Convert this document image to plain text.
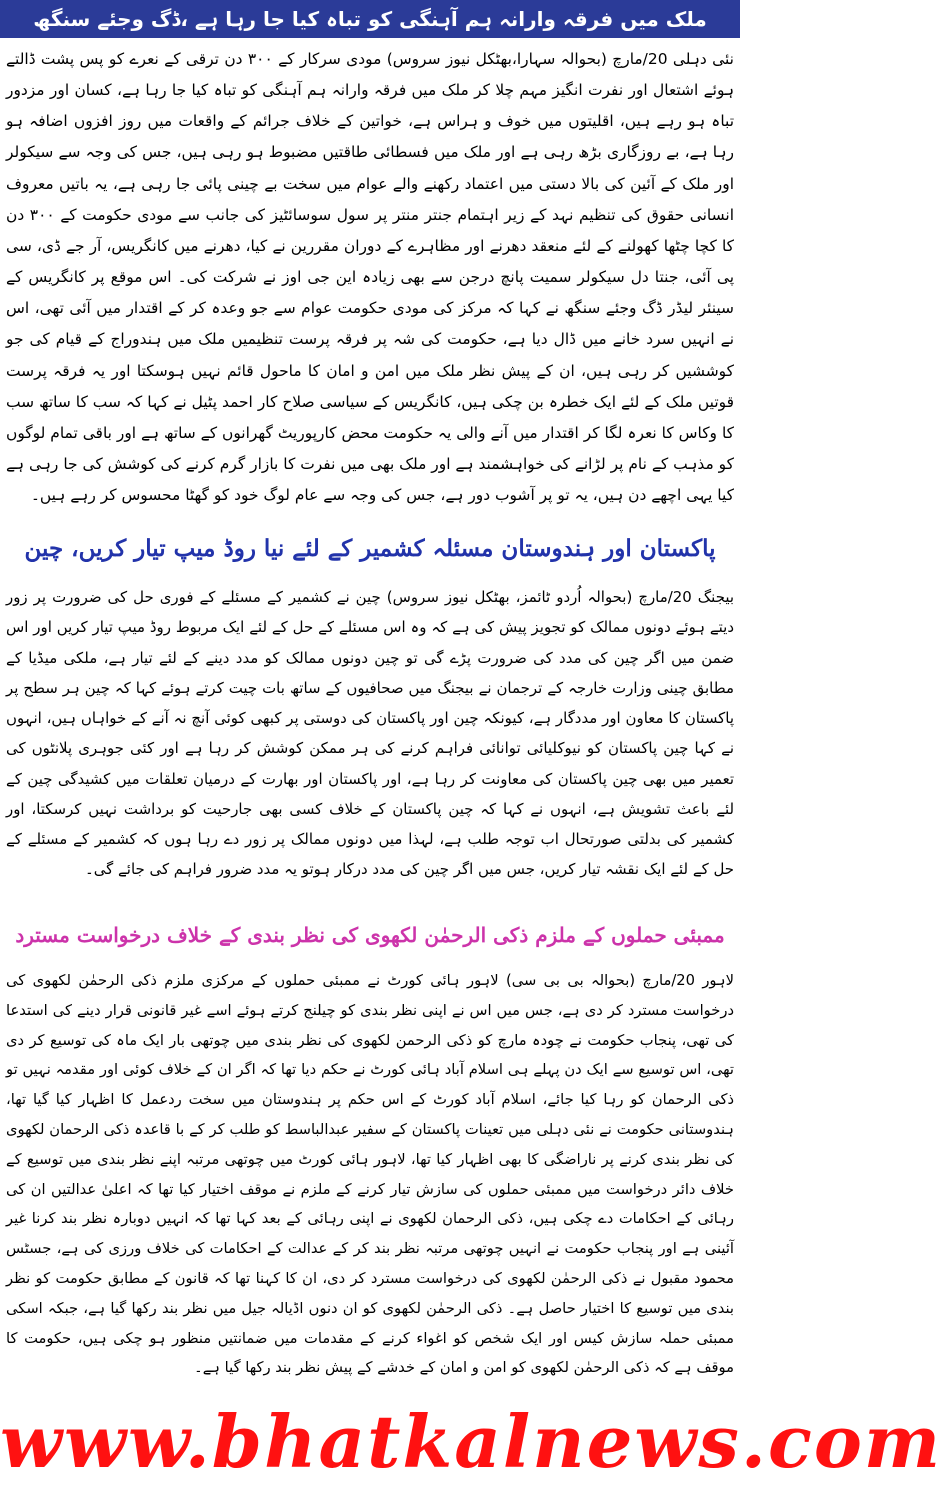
ملک میں فرقہ وارانہ ہم آہنگی کو تباہ کیا جا رہا ہے ،ڈگ وجئے سنگھ

نئی دہلی 20/مارچ (بحوالہ سہارا،بھٹکل نیوز سروس) مودی سرکار کے ۳۰۰ دن ترقی کے نعرے کو پس پشت ڈالتے ہوئے اشتعال اور نفرت انگیز مہم چلا کر ملک میں فرقہ وارانہ ہم آہنگی کو تباہ کیا جا رہا ہے، کسان اور مزدور تباہ ہو رہے ہیں، اقلیتوں میں خوف و ہراس ہے، خواتین کے خلاف جرائم کے واقعات میں روز افزوں اضافہ ہو رہا ہے، بے روزگاری بڑھ رہی ہے اور ملک میں فسطائی طاقتیں مضبوط ہو رہی ہیں، جس کی وجہ سے سیکولر اور ملک کے آئین کی بالا دستی میں اعتماد رکھنے والے عوام میں سخت بے چینی پائی جا رہی ہے، یہ باتیں معروف انسانی حقوق کی تنظیم نہد کے زیر اہتمام جنتر منتر پر سول سوسائٹیز کی جانب سے مودی حکومت کے ۳۰۰ دن کا کچا چٹھا کھولنے کے لئے منعقد دھرنے اور مظاہرے کے دوران مقررین نے کیا، دھرنے میں کانگریس، آر جے ڈی، سی پی آئی، جنتا دل سیکولر سمیت پانچ درجن سے بھی زیادہ این جی اوز نے شرکت کی۔ اس موقع پر کانگریس کے سینئر لیڈر ڈگ وجئے سنگھ نے کہا کہ مرکز کی مودی حکومت عوام سے جو وعدہ کر کے اقتدار میں آئی تھی، اس نے انہیں سرد خانے میں ڈال دیا ہے، حکومت کی شہ پر فرقہ پرست تنظیمیں ملک میں ہندوراج کے قیام کی جو کوششیں کر رہی ہیں، ان کے پیش نظر ملک میں امن و امان کا ماحول قائم نہیں ہوسکتا اور یہ فرقہ پرست قوتیں ملک کے لئے ایک خطرہ بن چکی ہیں، کانگریس کے سیاسی صلاح کار احمد پٹیل نے کہا کہ سب کا ساتھ سب کا وکاس کا نعرہ لگا کر اقتدار میں آنے والی یہ حکومت محض کارپوریٹ گھرانوں کے ساتھ ہے اور باقی تمام لوگوں کو مذہب کے نام پر لڑانے کی خواہشمند ہے اور ملک بھی میں نفرت کا بازار گرم کرنے کی کوشش کی جا رہی ہے کیا یہی اچھے دن ہیں، یہ تو پر آشوب دور ہے، جس کی وجہ سے عام لوگ خود کو گھٹا محسوس کر رہے ہیں۔

پاکستان اور ہندوستان مسئلہ کشمیر کے لئے نیا روڈ میپ تیار کریں، چین

بیجنگ 20/مارچ (بحوالہ اُردو ٹائمز، بھٹکل نیوز سروس) چین نے کشمیر کے مسئلے کے فوری حل کی ضرورت پر زور دیتے ہوئے دونوں ممالک کو تجویز پیش کی ہے کہ وہ اس مسئلے کے حل کے لئے ایک مربوط روڈ میپ تیار کریں اور اس ضمن میں اگر چین کی مدد کی ضرورت پڑے گی تو چین دونوں ممالک کو مدد دینے کے لئے تیار ہے، ملکی میڈیا کے مطابق چینی وزارت خارجہ کے ترجمان نے بیجنگ میں صحافیوں کے ساتھ بات چیت کرتے ہوئے کہا کہ چین ہر سطح پر پاکستان کا معاون اور مددگار ہے، کیونکہ چین اور پاکستان کی دوستی پر کبھی کوئی آنچ نہ آنے کے خواہاں ہیں، انہوں نے کہا چین پاکستان کو نیوکلیائی توانائی فراہم کرنے کی ہر ممکن کوشش کر رہا ہے اور کئی جوہری پلانٹوں کی تعمیر میں بھی چین پاکستان کی معاونت کر رہا ہے، اور پاکستان اور بھارت کے درمیان تعلقات میں کشیدگی چین کے لئے باعث تشویش ہے، انہوں نے کہا کہ چین پاکستان کے خلاف کسی بھی جارحیت کو برداشت نہیں کرسکتا، اور کشمیر کی بدلتی صورتحال اب توجہ طلب ہے، لہذا میں دونوں ممالک پر زور دے رہا ہوں کہ کشمیر کے مسئلے کے حل کے لئے ایک نقشہ تیار کریں، جس میں اگر چین کی مدد درکار ہوتو یہ مدد ضرور فراہم کی جائے گی۔

ممبئی حملوں کے ملزم ذکی الرحمٰن لکھوی کی نظر بندی کے خلاف درخواست مسترد

لاہور 20/مارچ (بحوالہ بی بی سی) لاہور ہائی کورٹ نے ممبئی حملوں کے مرکزی ملزم ذکی الرحمٰن لکھوی کی درخواست مسترد کر دی ہے، جس میں اس نے اپنی نظر بندی کو چیلنج کرتے ہوئے اسے غیر قانونی قرار دینے کی استدعا کی تھی، پنجاب حکومت نے چودہ مارچ کو ذکی الرحمن لکھوی کی نظر بندی میں چوتھی بار ایک ماہ کی توسیع کر دی تھی، اس توسیع سے ایک دن پہلے ہی اسلام آباد ہائی کورٹ نے حکم دیا تھا کہ اگر ان کے خلاف کوئی اور مقدمہ نہیں تو ذکی الرحمان کو رہا کیا جائے، اسلام آباد کورٹ کے اس حکم پر ہندوستان میں سخت ردعمل کا اظہار کیا گیا تھا، ہندوستانی حکومت نے نئی دہلی میں تعینات پاکستان کے سفیر عبدالباسط کو طلب کر کے با قاعدہ ذکی الرحمان لکھوی کی نظر بندی کرنے پر ناراضگی کا بھی اظہار کیا تھا، لاہور ہائی کورٹ میں چوتھی مرتبہ اپنے نظر بندی میں توسیع کے خلاف دائر درخواست میں ممبئی حملوں کی سازش تیار کرنے کے ملزم نے موقف اختیار کیا تھا کہ اعلیٰ عدالتیں ان کی رہائی کے احکامات دے چکی ہیں، ذکی الرحمان لکھوی نے اپنی رہائی کے بعد کہا تھا کہ انہیں دوبارہ نظر بند کرنا غیر آئینی ہے اور پنجاب حکومت نے انہیں چوتھی مرتبہ نظر بند کر کے عدالت کے احکامات کی خلاف ورزی کی ہے، جسٹس محمود مقبول نے ذکی الرحمٰن لکھوی کی درخواست مسترد کر دی، ان کا کہنا تھا کہ قانون کے مطابق حکومت کو نظر بندی میں توسیع کا اختیار حاصل ہے۔ ذکی الرحمٰن لکھوی کو ان دنوں اڈیالہ جیل میں نظر بند رکھا گیا ہے، جبکہ اسکی ممبئی حملہ سازش کیس اور ایک شخص کو اغواء کرنے کے مقدمات میں ضمانتیں منظور ہو چکی ہیں، حکومت کا موقف ہے کہ ذکی الرحمٰن لکھوی کو امن و امان کے خدشے کے پیش نظر بند رکھا گیا ہے۔

www.bhatkalnews.com
